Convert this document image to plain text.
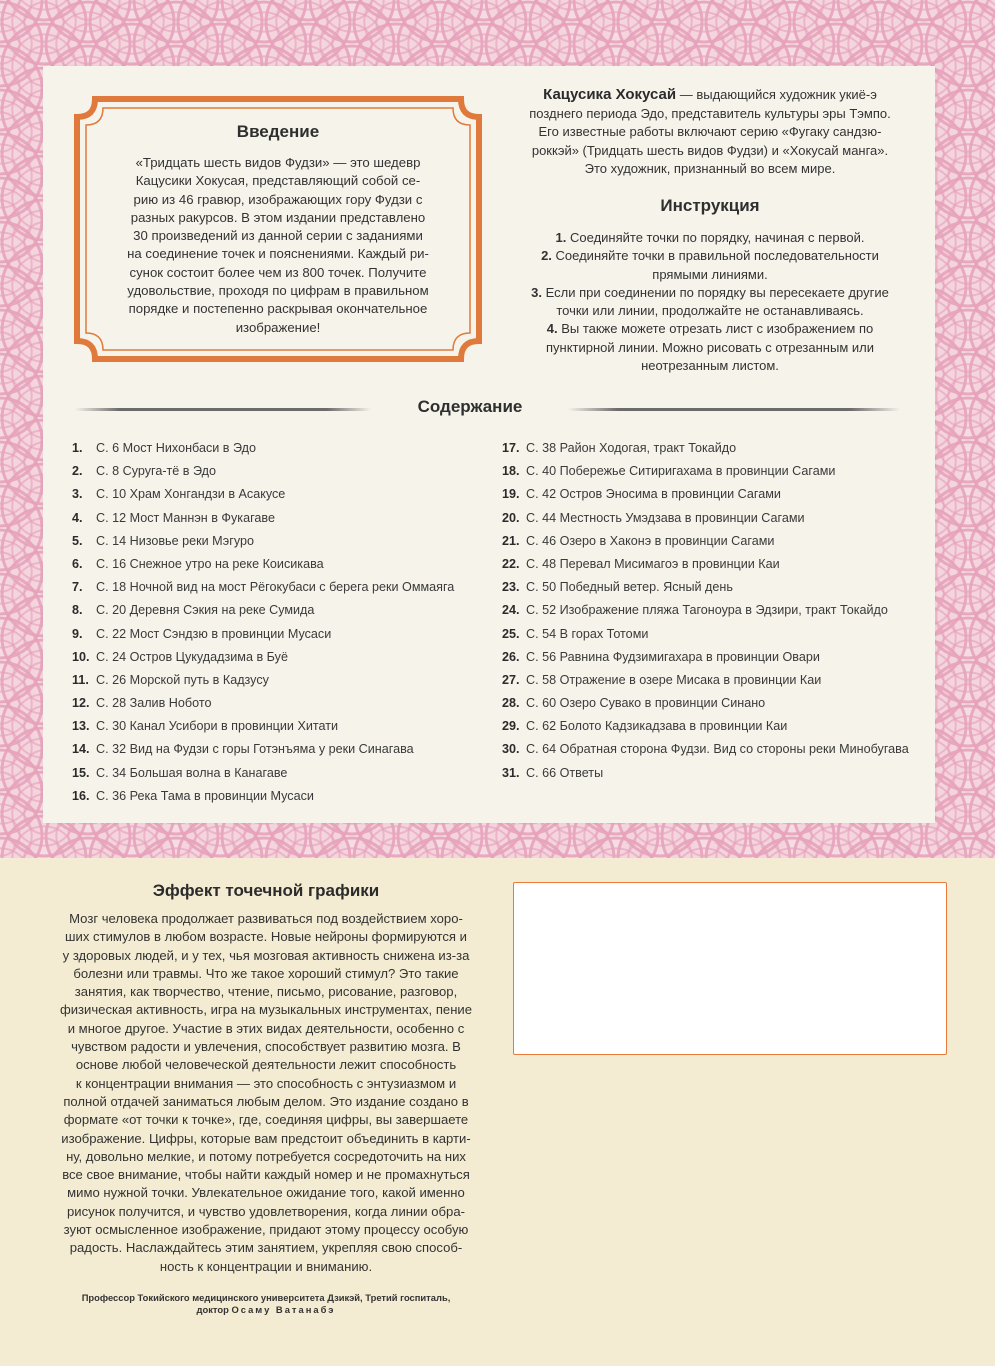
Введение
«Тридцать шесть видов Фудзи» — это шедевр
Кацусики Хокусая, представляющий собой се-
рию из 46 гравюр, изображающих гору Фудзи с
разных ракурсов. В этом издании представлено
30 произведений из данной серии с заданиями
на соединение точек и пояснениями. Каждый ри-
сунок состоит более чем из 800 точек. Получите
удовольствие, проходя по цифрам в правильном
порядке и постепенно раскрывая окончательное
изображение!
Кацусика Хокусай — выдающийся художник укиё-э
позднего периода Эдо, представитель культуры эры Тэмпо.
Его известные работы включают серию «Фугаку сандзю-
роккэй» (Тридцать шесть видов Фудзи) и «Хокусай манга».
Это художник, признанный во всем мире.
Инструкция
1. Соединяйте точки по порядку, начиная с первой.
2. Соединяйте точки в правильной последовательности
прямыми линиями.
3. Если при соединении по порядку вы пересекаете другие
точки или линии, продолжайте не останавливаясь.
4. Вы также можете отрезать лист с изображением по
пунктирной линии. Можно рисовать с отрезанным или
неотрезанным листом.
Содержание
1. С. 6 Мост Нихонбаси в Эдо
2. С. 8 Суруга-тё в Эдо
3. С. 10 Храм Хонгандзи в Асакусе
4. С. 12 Мост Маннэн в Фукагаве
5. С. 14 Низовье реки Мэгуро
6. С. 16 Снежное утро на реке Коисикава
7. С. 18 Ночной вид на мост Рёгокубаси с берега реки Оммаяга
8. С. 20 Деревня Сэкия на реке Сумида
9. С. 22 Мост Сэндзю в провинции Мусаси
10. С. 24 Остров Цукудадзима в Буё
11. С. 26 Морской путь в Кадзусу
12. С. 28 Залив Нобото
13. С. 30 Канал Усибори в провинции Хитати
14. С. 32 Вид на Фудзи с горы Готэнъяма у реки Синагава
15. С. 34 Большая волна в Канагаве
16. С. 36 Река Тама в провинции Мусаси
17. С. 38 Район Ходогая, тракт Токайдо
18. С. 40 Побережье Ситиригахама в провинции Сагами
19. С. 42 Остров Эносима в провинции Сагами
20. С. 44 Местность Умэдзава в провинции Сагами
21. С. 46 Озеро в Хаконэ в провинции Сагами
22. С. 48 Перевал Мисимагоэ в провинции Каи
23. С. 50 Победный ветер. Ясный день
24. С. 52 Изображение пляжа Тагоноура в Эдзири, тракт Токайдо
25. С. 54 В горах Тотоми
26. С. 56 Равнина Фудзимигахара в провинции Овари
27. С. 58 Отражение в озере Мисака в провинции Каи
28. С. 60 Озеро Сувако в провинции Синано
29. С. 62 Болото Кадзикадзава в провинции Каи
30. С. 64 Обратная сторона Фудзи. Вид со стороны реки Минобугава
31. С. 66 Ответы
Эффект точечной графики
Мозг человека продолжает развиваться под воздействием хоро-
ших стимулов в любом возрасте. Новые нейроны формируются и
у здоровых людей, и у тех, чья мозговая активность снижена из-за
болезни или травмы. Что же такое хороший стимул? Это такие
занятия, как творчество, чтение, письмо, рисование, разговор,
физическая активность, игра на музыкальных инструментах, пение
и многое другое. Участие в этих видах деятельности, особенно с
чувством радости и увлечения, способствует развитию мозга. В
основе любой человеческой деятельности лежит способность
к концентрации внимания — это способность с энтузиазмом и
полной отдачей заниматься любым делом. Это издание создано в
формате «от точки к точке», где, соединяя цифры, вы завершаете
изображение. Цифры, которые вам предстоит объединить в карти-
ну, довольно мелкие, и потому потребуется сосредоточить на них
все свое внимание, чтобы найти каждый номер и не промахнуться
мимо нужной точки. Увлекательное ожидание того, какой именно
рисунок получится, и чувство удовлетворения, когда линии обра-
зуют осмысленное изображение, придают этому процессу особую
радость. Наслаждайтесь этим занятием, укрепляя свою способ-
ность к концентрации и вниманию.
Профессор Токийского медицинского университета Дзикэй, Третий госпиталь,
доктор Осаму Ватанабэ
